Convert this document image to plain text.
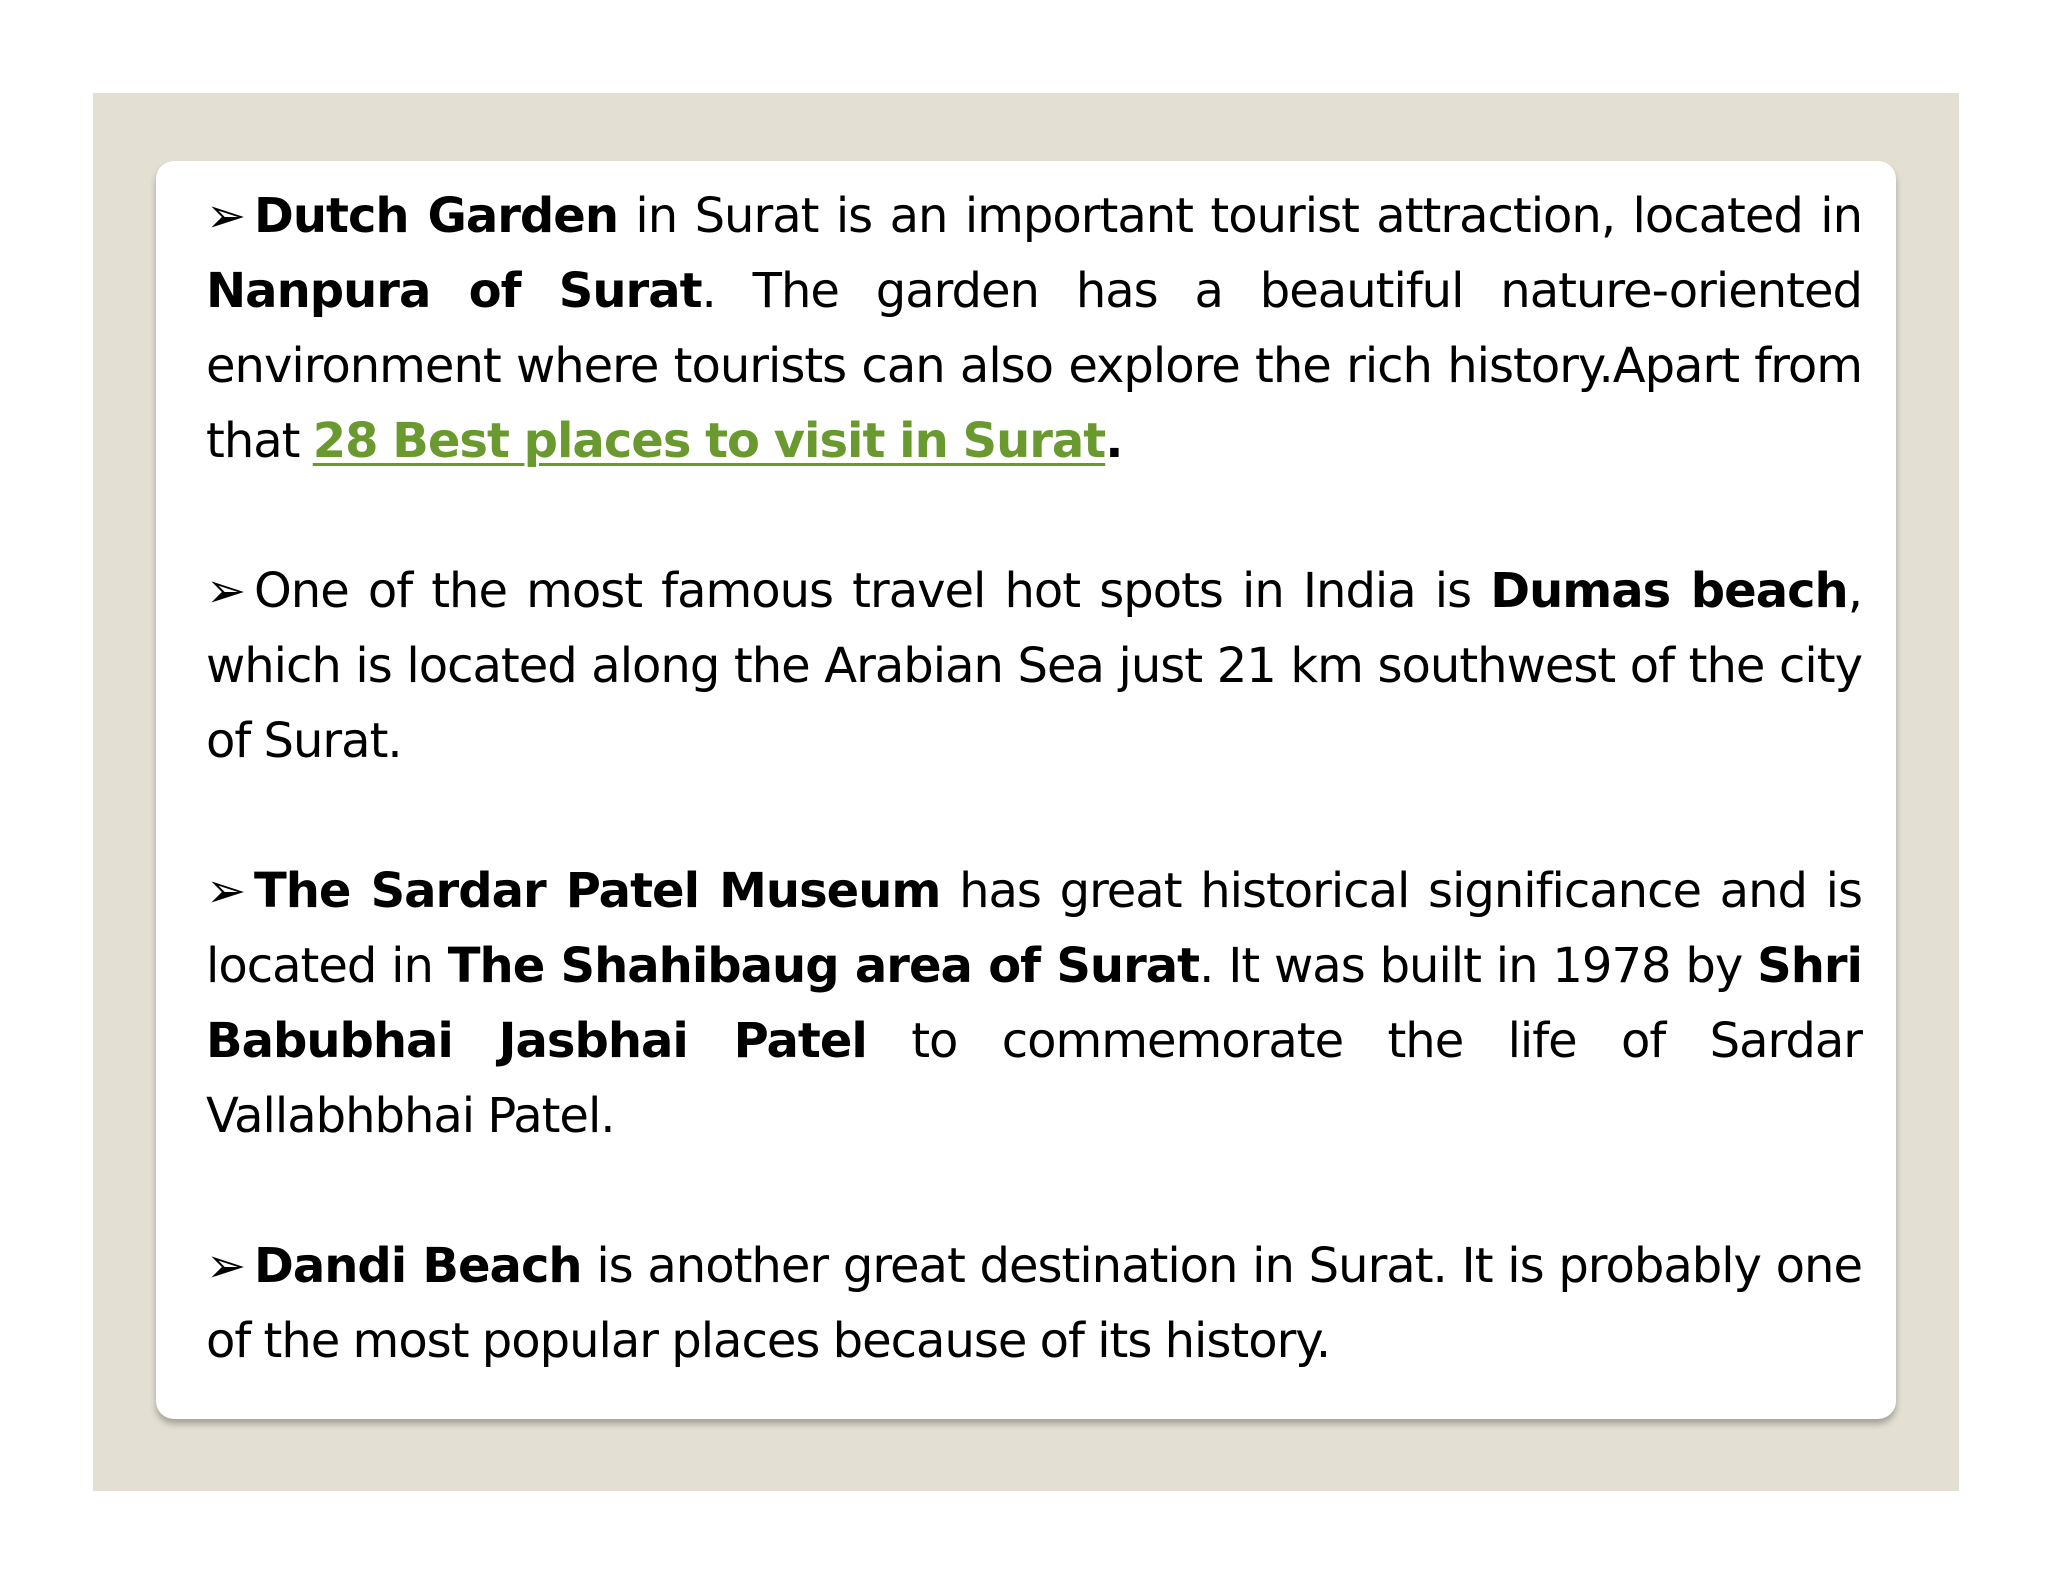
➢ Dutch Garden in Surat is an important tourist attraction, located in Nanpura of Surat. The garden has a beautiful nature-oriented environment where tourists can also explore the rich history.Apart from that 28 Best places to visit in Surat.

➢ One of the most famous travel hot spots in India is Dumas beach, which is located along the Arabian Sea just 21 km southwest of the city of Surat.

➢ The Sardar Patel Museum has great historical significance and is located in The Shahibaug area of Surat. It was built in 1978 by Shri Babubhai Jasbhai Patel to commemorate the life of Sardar Vallabhbhai Patel.

➢ Dandi Beach is another great destination in Surat. It is probably one of the most popular places because of its history.
